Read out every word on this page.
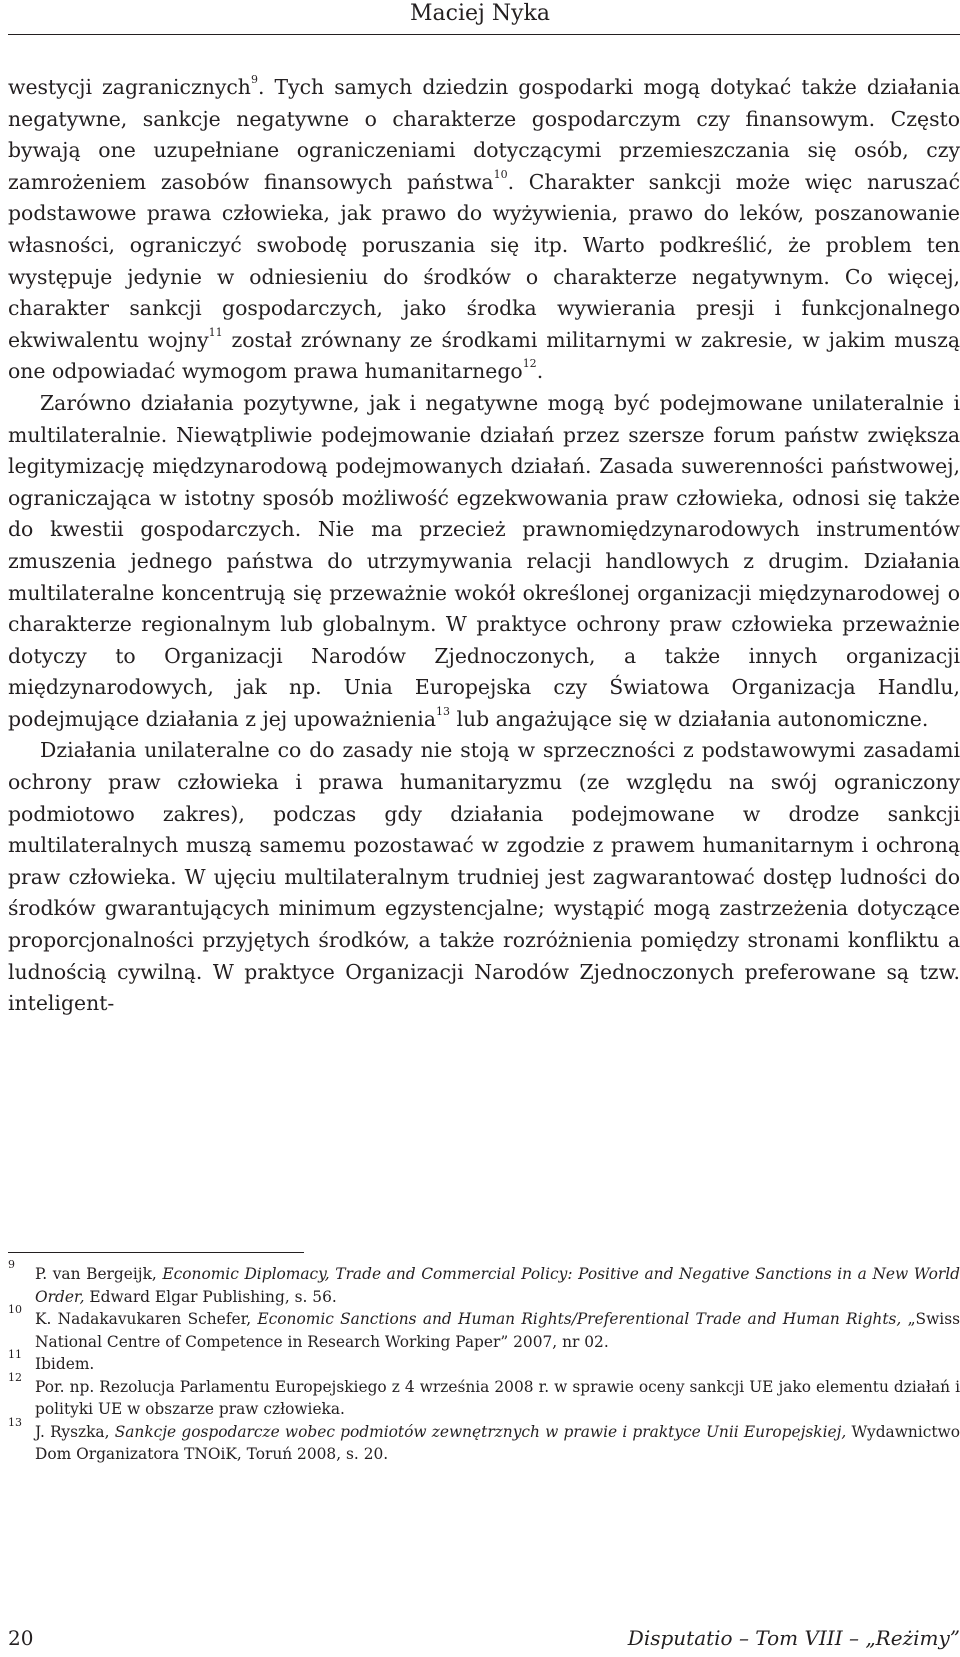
Maciej Nyka

westycji zagranicznych$^9$. Tych samych dziedzin gospodarki mogą dotykać także działania negatywne, sankcje negatywne o charakterze gospodarczym czy finansowym. Często bywają one uzupełniane ograniczeniami dotyczącymi przemieszczania się osób, czy zamrożeniem zasobów finansowych państwa$^{10}$. Charakter sankcji może więc naruszać podstawowe prawa człowieka, jak prawo do wyżywienia, prawo do leków, poszanowanie własności, ograniczyć swobodę poruszania się itp. Warto podkreślić, że problem ten występuje jedynie w odniesieniu do środków o charakterze negatywnym. Co więcej, charakter sankcji gospodarczych, jako środka wywierania presji i funkcjonalnego ekwiwalentu wojny$^{11}$ został zrównany ze środkami militarnymi w zakresie, w jakim muszą one odpowiadać wymogom prawa humanitarnego$^{12}$.

Zarówno działania pozytywne, jak i negatywne mogą być podejmowane unilateralnie i multilateralnie. Niewątpliwie podejmowanie działań przez szersze forum państw zwiększa legitymizację międzynarodową podejmowanych działań. Zasada suwerenności państwowej, ograniczająca w istotny sposób możliwość egzekwowania praw człowieka, odnosi się także do kwestii gospodarczych. Nie ma przecież prawnomiędzynarodowych instrumentów zmuszenia jednego państwa do utrzymywania relacji handlowych z drugim. Działania multilateralne koncentrują się przeważnie wokół określonej organizacji międzynarodowej o charakterze regionalnym lub globalnym. W praktyce ochrony praw człowieka przeważnie dotyczy to Organizacji Narodów Zjednoczonych, a także innych organizacji międzynarodowych, jak np. Unia Europejska czy Światowa Organizacja Handlu, podejmujące działania z jej upoważnienia$^{13}$ lub angażujące się w działania autonomiczne.

Działania unilateralne co do zasady nie stoją w sprzeczności z podstawowymi zasadami ochrony praw człowieka i prawa humanitaryzmu (ze względu na swój ograniczony podmiotowo zakres), podczas gdy działania podejmowane w drodze sankcji multilateralnych muszą samemu pozostawać w zgodzie z prawem humanitarnym i ochroną praw człowieka. W ujęciu multilateralnym trudniej jest zagwarantować dostęp ludności do środków gwarantujących minimum egzystencjalne; wystąpić mogą zastrzeżenia dotyczące proporcjonalności przyjętych środków, a także rozróżnienia pomiędzy stronami konfliktu a ludnością cywilną. W praktyce Organizacji Narodów Zjednoczonych preferowane są tzw. inteligent-

9
P. van Bergeijk, Economic Diplomacy, Trade and Commercial Policy: Positive and Negative Sanctions in a New World Order, Edward Elgar Publishing, s. 56.
10
K. Nadakavukaren Schefer, Economic Sanctions and Human Rights/Preferentional Trade and Human Rights, „Swiss National Centre of Competence in Research Working Paper” 2007, nr 02.
11
Ibidem.
12
Por. np. Rezolucja Parlamentu Europejskiego z 4 września 2008 r. w sprawie oceny sankcji UE jako elementu działań i polityki UE w obszarze praw człowieka.
13
J. Ryszka, Sankcje gospodarcze wobec podmiotów zewnętrznych w prawie i praktyce Unii Europejskiej, Wydawnictwo Dom Organizatora TNOiK, Toruń 2008, s. 20.
20	Disputatio – Tom VIII – „Reżimy”
